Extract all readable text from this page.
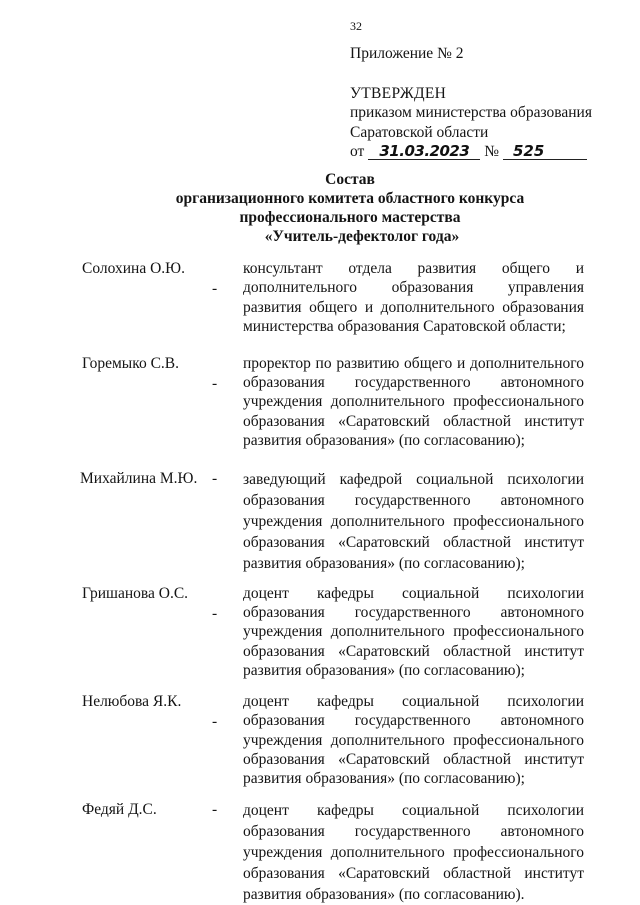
32
Приложение № 2
УТВЕРЖДЕН
приказом министерства образования
Саратовской области
от 31.03.2023 № 525
Состав
организационного комитета областного конкурса
профессионального мастерства
«Учитель-дефектолог года»
Солохина О.Ю.
-
консультант отдела развития общего и дополнительного образования управления развития общего и дополнительного образования министерства образования Саратовской области;
Горемыко С.В.
-
проректор по развитию общего и дополнительного образования государственного автономного учреждения дополнительного профессионального образования «Саратовский областной институт развития образования» (по согласованию);
Михайлина М.Ю. - заведующий кафедрой социальной психологии образования государственного автономного учреждения дополнительного профессионального образования «Саратовский областной институт развития образования» (по согласованию);
Гришанова О.С.
-
доцент кафедры социальной психологии образования государственного автономного учреждения дополнительного профессионального образования «Саратовский областной институт развития образования» (по согласованию);
Нелюбова Я.К.
-
доцент кафедры социальной психологии образования государственного автономного учреждения дополнительного профессионального образования «Саратовский областной институт развития образования» (по согласованию);
Федяй Д.С.	- доцент кафедры социальной психологии образования государственного автономного учреждения дополнительного профессионального образования «Саратовский областной институт развития образования» (по согласованию).
